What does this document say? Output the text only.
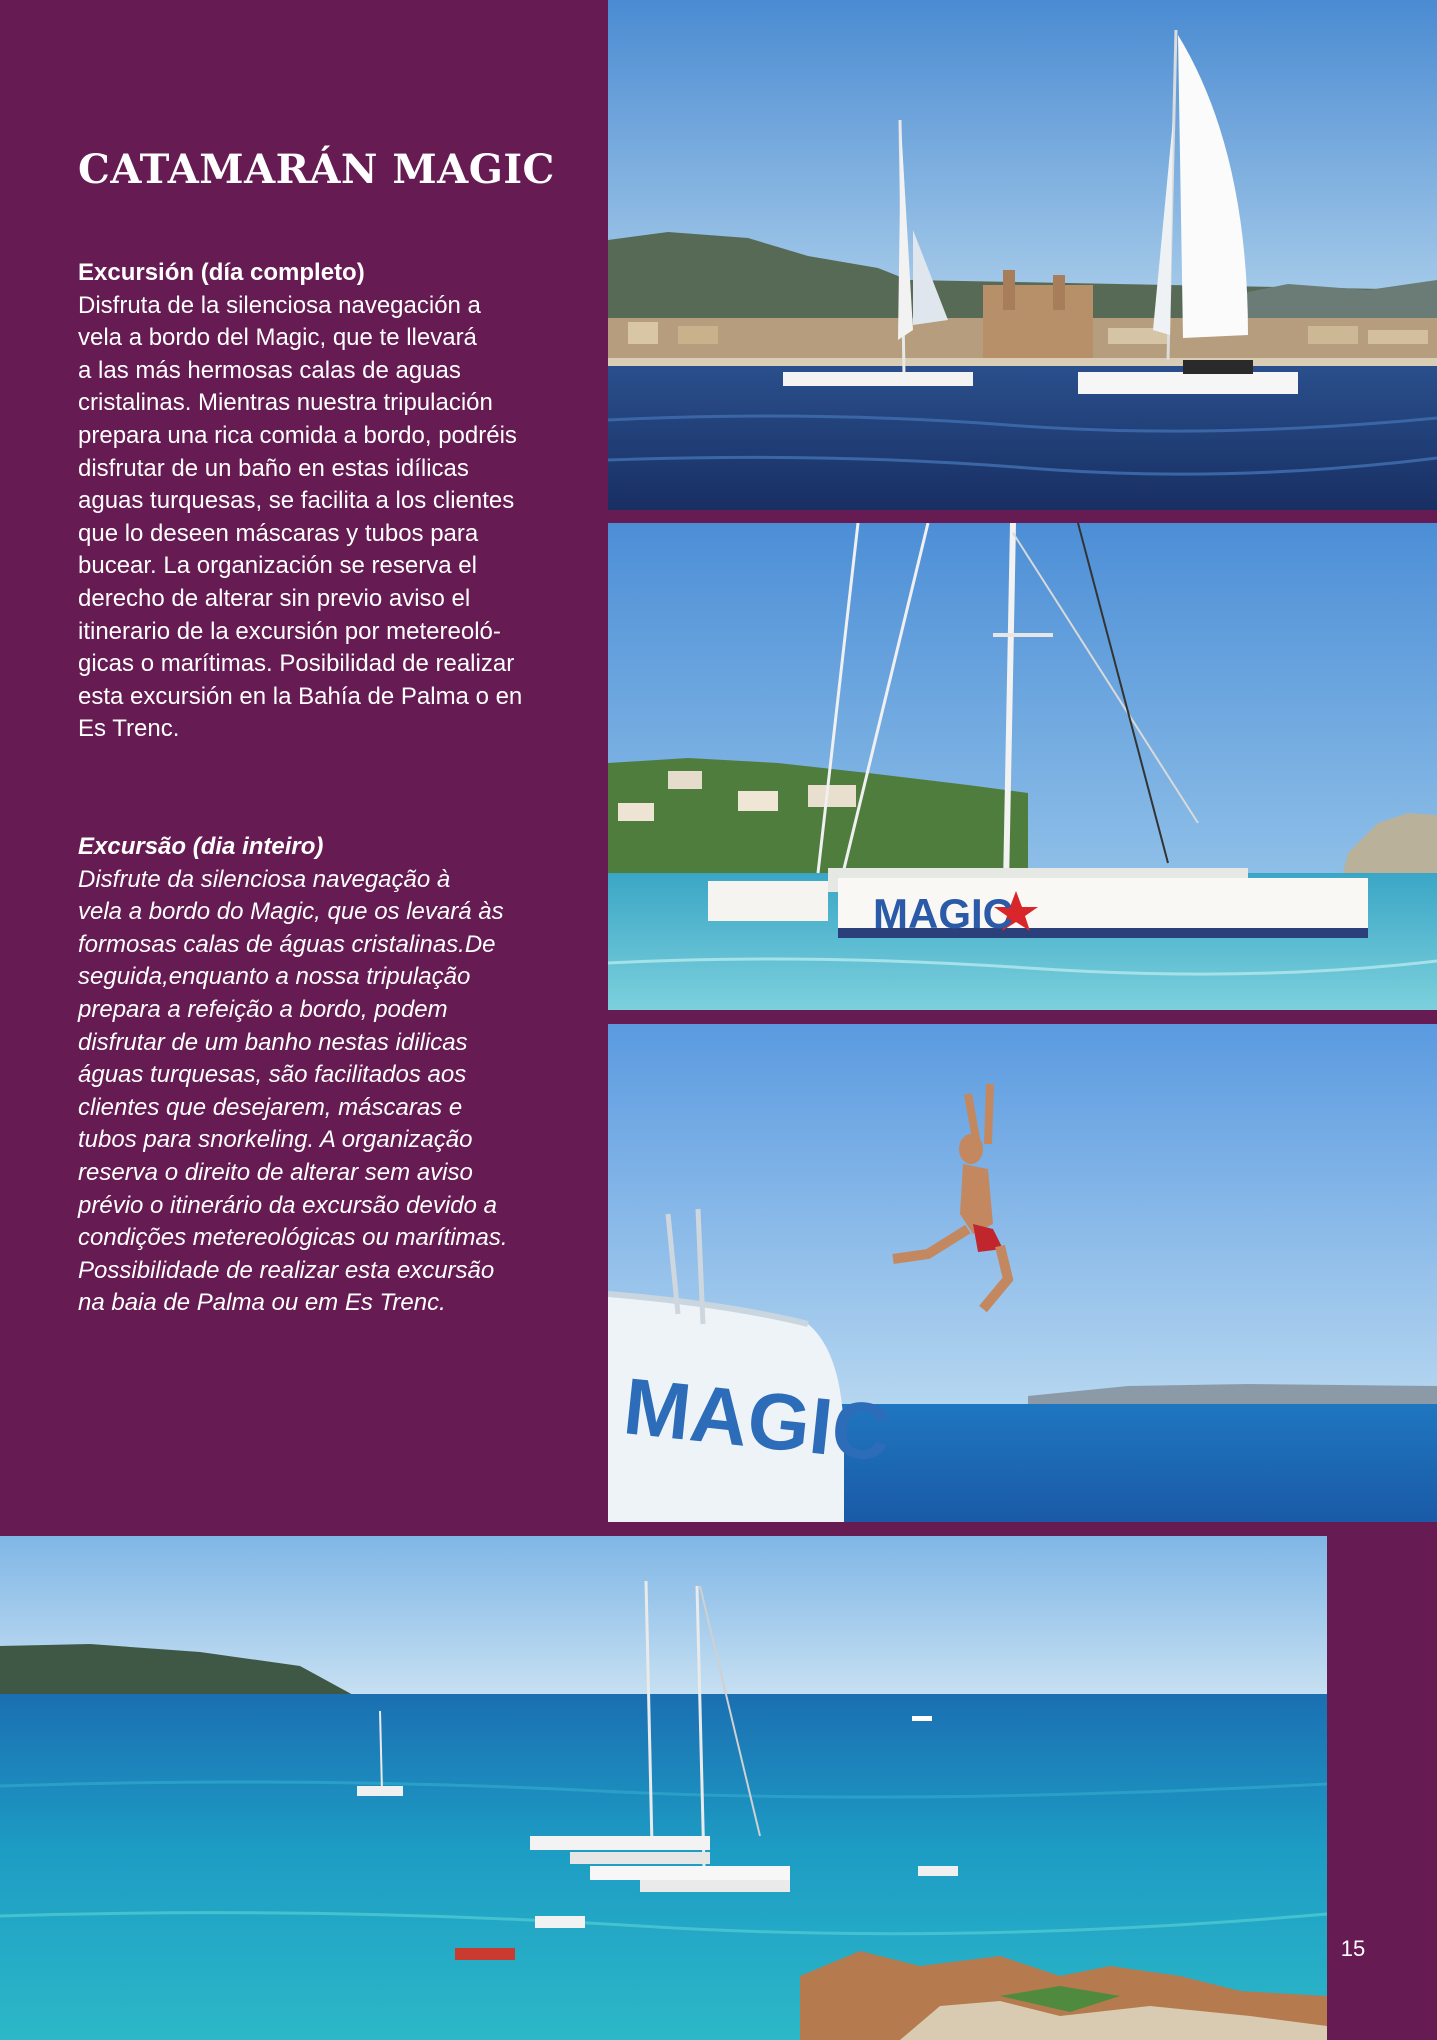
CATAMARÁN MAGIC
Excursión (día completo)
Disfruta de la silenciosa navegación a
vela a bordo del Magic, que te llevará
a las más hermosas calas de aguas
cristalinas. Mientras nuestra tripulación
prepara una rica comida a bordo, podréis
disfrutar de un baño en estas idílicas
aguas turquesas, se facilita a los clientes
que lo deseen máscaras y tubos para
bucear. La organización se reserva el
derecho de alterar sin previo aviso el
itinerario de la excursión por metereoló-
gicas o marítimas. Posibilidad de realizar
esta excursión en la Bahía de Palma o en
Es Trenc.
Excursão (dia inteiro)
Disfrute da silenciosa navegação à
vela a bordo do Magic, que os levará às
formosas calas de águas cristalinas.De
seguida,enquanto a nossa tripulação
prepara a refeição a bordo, podem
disfrutar de um banho nestas idilicas
águas turquesas, são facilitados aos
clientes que desejarem, máscaras e
tubos para snorkeling. A organização
reserva o direito de alterar sem aviso
prévio o itinerário da excursão devido a
condições metereológicas ou marítimas.
Possibilidade de realizar esta excursão
na baia de Palma ou em Es Trenc.
MAGIC
MAGIC
15
